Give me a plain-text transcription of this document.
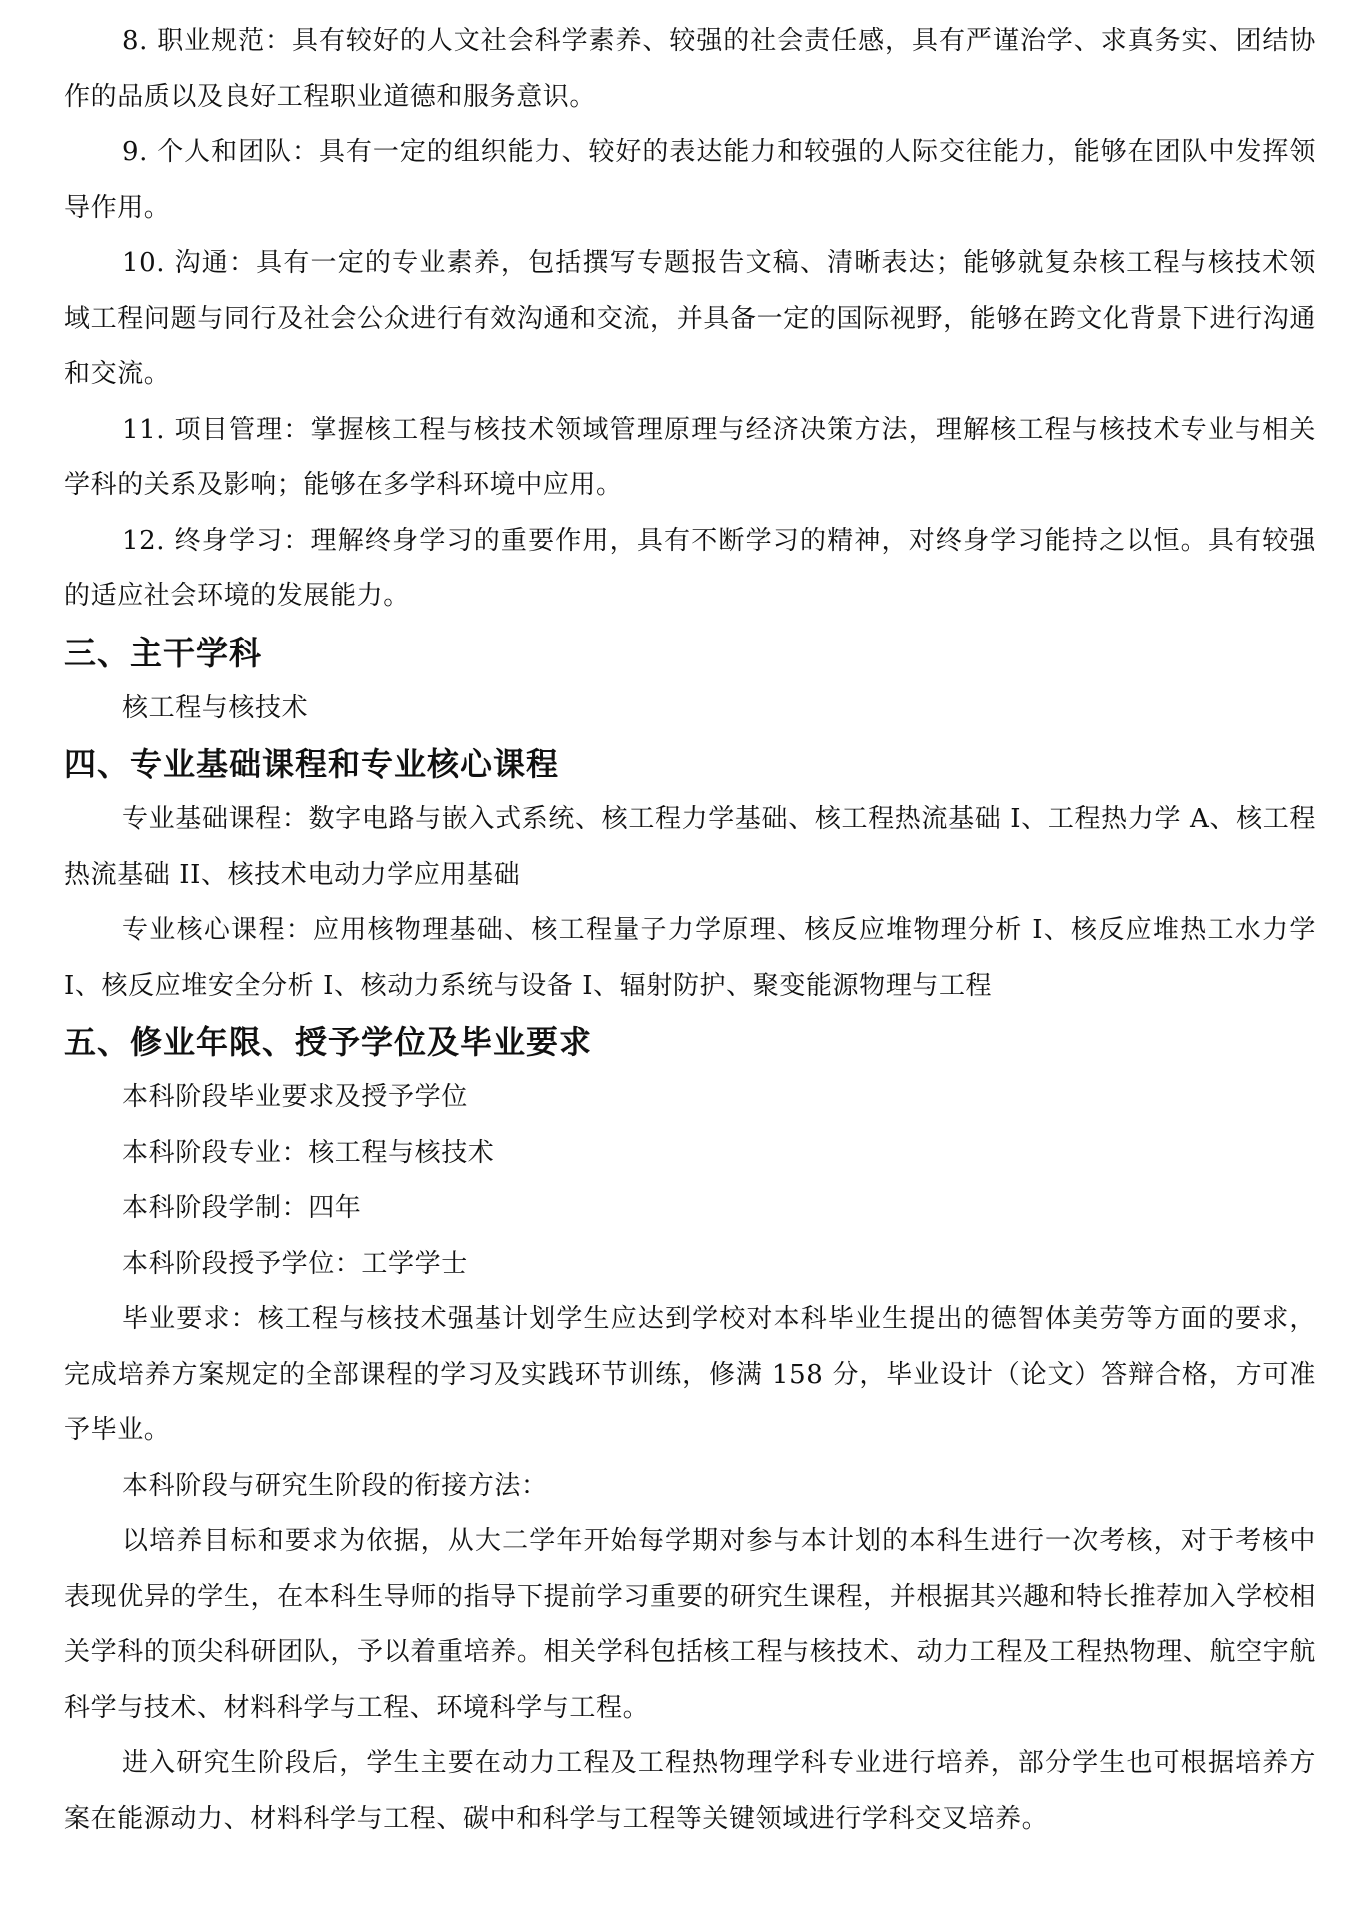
8. 职业规范：具有较好的人文社会科学素养、较强的社会责任感，具有严谨治学、求真务实、团结协作的品质以及良好工程职业道德和服务意识。

9. 个人和团队：具有一定的组织能力、较好的表达能力和较强的人际交往能力，能够在团队中发挥领导作用。

10. 沟通：具有一定的专业素养，包括撰写专题报告文稿、清晰表达；能够就复杂核工程与核技术领域工程问题与同行及社会公众进行有效沟通和交流，并具备一定的国际视野，能够在跨文化背景下进行沟通和交流。

11. 项目管理：掌握核工程与核技术领域管理原理与经济决策方法，理解核工程与核技术专业与相关学科的关系及影响；能够在多学科环境中应用。

12. 终身学习：理解终身学习的重要作用，具有不断学习的精神，对终身学习能持之以恒。具有较强的适应社会环境的发展能力。

三、主干学科

核工程与核技术

四、专业基础课程和专业核心课程

专业基础课程：数字电路与嵌入式系统、核工程力学基础、核工程热流基础 I、工程热力学 A、核工程热流基础 II、核技术电动力学应用基础

专业核心课程：应用核物理基础、核工程量子力学原理、核反应堆物理分析 I、核反应堆热工水力学 I、核反应堆安全分析 I、核动力系统与设备 I、辐射防护、聚变能源物理与工程

五、修业年限、授予学位及毕业要求

本科阶段毕业要求及授予学位

本科阶段专业：核工程与核技术

本科阶段学制：四年

本科阶段授予学位：工学学士

毕业要求：核工程与核技术强基计划学生应达到学校对本科毕业生提出的德智体美劳等方面的要求，完成培养方案规定的全部课程的学习及实践环节训练，修满 158 分，毕业设计（论文）答辩合格，方可准予毕业。

本科阶段与研究生阶段的衔接方法：

以培养目标和要求为依据，从大二学年开始每学期对参与本计划的本科生进行一次考核，对于考核中表现优异的学生，在本科生导师的指导下提前学习重要的研究生课程，并根据其兴趣和特长推荐加入学校相关学科的顶尖科研团队，予以着重培养。相关学科包括核工程与核技术、动力工程及工程热物理、航空宇航科学与技术、材料科学与工程、环境科学与工程。

进入研究生阶段后，学生主要在动力工程及工程热物理学科专业进行培养，部分学生也可根据培养方案在能源动力、材料科学与工程、碳中和科学与工程等关键领域进行学科交叉培养。
